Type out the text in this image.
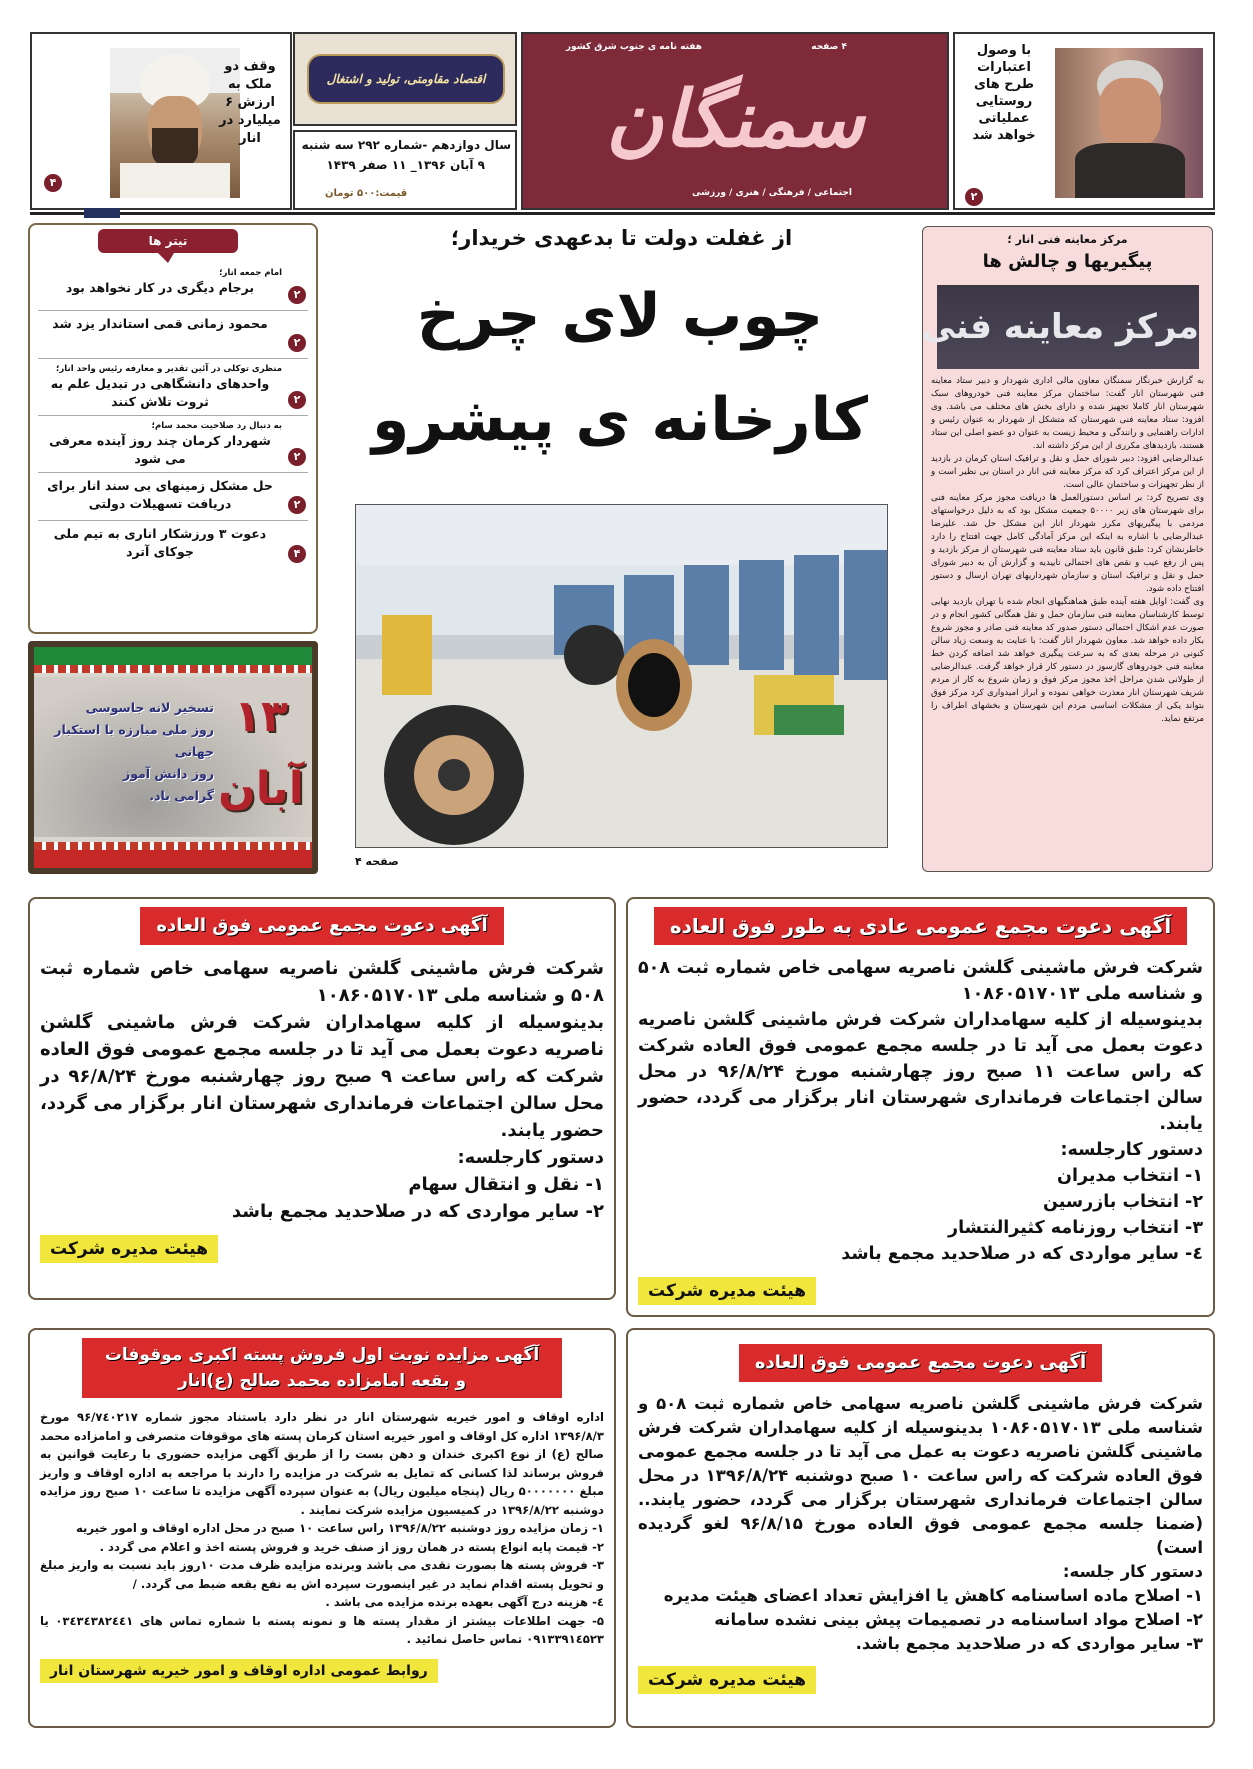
وقف دو ملک به ارزش ۶ میلیارد در انار
۴
اقتصاد مقاومتی، تولید و اشتغال
سال دوازدهم -شماره ۲۹۲ سه شنبه
۹ آبان ۱۳۹۶_ ۱۱ صفر ۱۴۳۹
قیمت:۵۰۰ تومان
هفته نامه ی جنوب شرق کشور	۴ صفحه
سمنگان
اجتماعی / فرهنگی / هنری / ورزشی
با وصول اعتبارات طرح های روستایی عملیاتی خواهد شد
۲
تیتر ها
امام جمعه انار؛
برجام دیگری در کار نخواهد بود	۲
محمود زمانی قمی استاندار یزد شد
۲
منظری توکلی در آئین تقدیر و معارفه رئیس واحد انار؛
واحدهای دانشگاهی در تبدیل علم به ثروت تلاش کنند	۲
به دنبال رد صلاحیت محمد سام؛
شهردار کرمان چند روز آینده معرفی می شود	۲
حل مشکل زمینهای بی سند انار برای دریافت تسهیلات دولتی	۲
دعوت ۳ ورزشکار اناری به تیم ملی جوکای آترد	۴
۱۳ آبان
تسخیر لانه جاسوسی
روز ملی مبارزه با استکبار جهانی
روز دانش آموز
گرامی باد.
از غفلت دولت تا بدعهدی خریدار؛
چوب لای چرخ
کارخانه ی پیشرو
صفحه ۴
مرکز معاینه فنی انار ؛
پیگیریها و چالش ها
مرکز معاینه فنی

به گزارش خبرنگار سمنگان معاون مالی اداری شهردار و دبیر ستاد معاینه فنی شهرستان انار گفت: ساختمان مرکز معاینه فنی خودروهای سبک شهرستان انار کاملا تجهیز شده و دارای بخش های مختلف می باشد. وی افزود: ستاد معاینه فنی شهرستان که متشکل از شهردار به عنوان رئیس و ادارات راهنمایی و رانندگی و محیط زیست به عنوان دو عضو اصلی این ستاد هستند، بازدیدهای مکرری از این مرکز داشته اند.

عبدالرضایی افزود: دبیر شورای حمل و نقل و ترافیک استان کرمان در بازدید از این مرکز اعتراف کرد که مرکز معاینه فنی انار در استان بی نظیر است و از نظر تجهیزات و ساختمان عالی است.

وی تصریح کرد: بر اساس دستورالعمل ها دریافت مجوز مرکز معاینه فنی برای شهرستان های زیر ۵۰۰۰۰ جمعیت مشکل بود که به دلیل درخواستهای مردمی با پیگیریهای مکرر شهردار انار این مشکل حل شد. علیرضا عبدالرضایی با اشاره به اینکه این مرکز آمادگی کامل جهت افتتاح را دارد خاطرنشان کرد: طبق قانون باید ستاد معاینه فنی شهرستان از مرکز بازدید و پس از رفع عیب و نقص های احتمالی تاییدیه و گزارش آن به دبیر شورای حمل و نقل و ترافیک استان و سازمان شهرداریهای تهران ارسال و دستور افتتاح داده شود.

وی گفت: اوایل هفته آینده طبق هماهنگیهای انجام شده با تهران بازدید نهایی توسط کارشناسان معاینه فنی سازمان حمل و نقل همگانی کشور انجام و در صورت عدم اشکال احتمالی دستور صدور کد معاینه فنی صادر و مجوز شروع بکار داده خواهد شد. معاون شهردار انار گفت: با عنایت به وسعت زیاد سالن کنونی در مرحله بعدی که به سرعت پیگیری خواهد شد اضافه کردن خط معاینه فنی خودروهای گازسوز در دستور کار قرار خواهد گرفت. عبدالرضایی از طولانی شدن مراحل اخذ مجوز مرکز فوق و زمان شروع به کار از مردم شریف شهرستان انار معذرت خواهی نموده و ابراز امیدواری کرد مرکز فوق بتواند یکی از مشکلات اساسی مردم این شهرستان و بخشهای اطراف را مرتفع نماید.

آگهی دعوت مجمع عمومی عادی به طور فوق العاده

شرکت فرش ماشینی گلشن ناصریه سهامی خاص شماره ثبت ۵۰۸ و شناسه ملی ۱۰۸۶۰۵۱۷۰۱۳

بدینوسیله از کلیه سهامداران شرکت فرش ماشینی گلشن ناصریه دعوت بعمل می آید تا در جلسه مجمع عمومی فوق العاده شرکت که راس ساعت ۱۱ صبح روز چهارشنبه مورخ ۹۶/۸/۲۴ در محل سالن اجتماعات فرمانداری شهرستان انار برگزار می گردد، حضور یابند.

دستور کارجلسه:

۱- انتخاب مدیران

۲- انتخاب بازرسین

۳- انتخاب روزنامه کثیرالنتشار

٤- سایر مواردی که در صلاحدید مجمع باشد

هیئت مدیره شرکت
آگهی دعوت مجمع عمومی فوق العاده

شرکت فرش ماشینی گلشن ناصریه سهامی خاص شماره ثبت ۵۰۸ و شناسه ملی ۱۰۸۶۰۵۱۷۰۱۳

بدینوسیله از کلیه سهامداران شرکت فرش ماشینی گلشن ناصریه دعوت بعمل می آید تا در جلسه مجمع عمومی فوق العاده شرکت که راس ساعت ۹ صبح روز چهارشنبه مورخ ۹۶/۸/۲۴ در محل سالن اجتماعات فرمانداری شهرستان انار برگزار می گردد، حضور یابند.

دستور کارجلسه:

۱- نقل و انتقال سهام

۲- سایر مواردی که در صلاحدید مجمع باشد

هیئت مدیره شرکت
آگهی دعوت مجمع عمومی فوق العاده

شرکت فرش ماشینی گلشن ناصریه سهامی خاص شماره ثبت ۵۰۸ و شناسه ملی ۱۰۸۶۰۵۱۷۰۱۳ بدینوسیله از کلیه سهامداران شرکت فرش ماشینی گلشن ناصریه دعوت به عمل می آید تا در جلسه مجمع عمومی فوق العاده شرکت که راس ساعت ۱۰ صبح دوشنبه ۱۳۹۶/۸/۲۴ در محل سالن اجتماعات فرمانداری شهرستان برگزار می گردد، حضور یابند..(ضمنا جلسه مجمع عمومی فوق العاده مورخ ۹۶/۸/۱۵ لغو گردیده است)

دستور کار جلسه:

۱- اصلاح ماده اساسنامه کاهش یا افزایش تعداد اعضای هیئت مدیره

۲- اصلاح مواد اساسنامه در تصمیمات پیش بینی نشده سامانه

۳- سایر مواردی که در صلاحدید مجمع باشد.

هیئت مدیره شرکت
آگهی مزایده نوبت اول فروش پسته اکبری موقوفات و بقعه امامزاده محمد صالح (ع)انار

اداره اوقاف و امور خیریه شهرستان انار در نظر دارد باستناد مجوز شماره ۹۶/۷٤۰۲۱۷ مورخ ۱۳۹۶/۸/۳ اداره کل اوقاف و امور خیریه استان کرمان پسته های موقوفات متصرفی و امامزاده محمد صالح (ع) از نوع اکبری خندان و دهن بست را از طریق آگهی مزایده حضوری با رعایت قوانین به فروش برساند لذا کسانی که تمایل به شرکت در مزایده را دارند با مراجعه به اداره اوقاف و واریز مبلغ ۵۰۰۰۰۰۰۰ ریال (پنجاه میلیون ریال) به عنوان سپرده آگهی مزایده تا ساعت ۱۰ صبح روز مزایده دوشنبه ۱۳۹۶/۸/۲۲ در کمیسیون مزایده شرکت نمایند .

۱- زمان مزایده روز دوشنبه ۱۳۹۶/۸/۲۲ راس ساعت ۱۰ صبح در محل اداره اوقاف و امور خیریه

۲- قیمت پایه انواع پسته در همان روز از صنف خرید و فروش پسته اخذ و اعلام می گردد .

۳- فروش پسته ها بصورت نقدی می باشد وبرنده مزایده ظرف مدت ۱۰روز باید نسبت به واریز مبلغ و تحویل پسته اقدام نماید در غیر اینصورت سپرده اش به نفع بقعه ضبط می گردد. /

٤- هزینه درج آگهی بعهده برنده مزایده می باشد .

۵- جهت اطلاعات بیشتر از مقدار پسته ها و نمونه پسته با شماره تماس های ۰۳٤۳٤۳۸۲٤٤۱ یا ۰۹۱۳۳۹۱٤۵۲۳ تماس حاصل نمائید .

روابط عمومی اداره اوقاف و امور خیریه شهرستان انار
